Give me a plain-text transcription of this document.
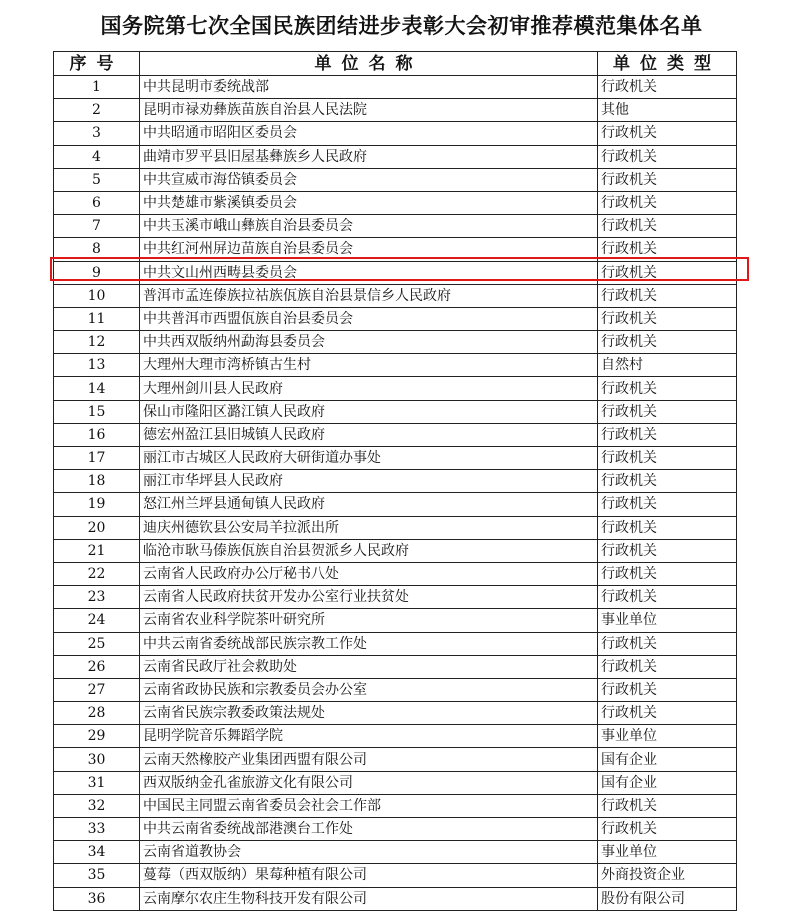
国务院第七次全国民族团结进步表彰大会初审推荐模范集体名单
序号	单位名称	单位类型
1	中共昆明市委统战部	行政机关
2	昆明市禄劝彝族苗族自治县人民法院	其他
3	中共昭通市昭阳区委员会	行政机关
4	曲靖市罗平县旧屋基彝族乡人民政府	行政机关
5	中共宣威市海岱镇委员会	行政机关
6	中共楚雄市紫溪镇委员会	行政机关
7	中共玉溪市峨山彝族自治县委员会	行政机关
8	中共红河州屏边苗族自治县委员会	行政机关
9	中共文山州西畴县委员会	行政机关
10	普洱市孟连傣族拉祜族佤族自治县景信乡人民政府	行政机关
11	中共普洱市西盟佤族自治县委员会	行政机关
12	中共西双版纳州勐海县委员会	行政机关
13	大理州大理市湾桥镇古生村	自然村
14	大理州剑川县人民政府	行政机关
15	保山市隆阳区潞江镇人民政府	行政机关
16	德宏州盈江县旧城镇人民政府	行政机关
17	丽江市古城区人民政府大研街道办事处	行政机关
18	丽江市华坪县人民政府	行政机关
19	怒江州兰坪县通甸镇人民政府	行政机关
20	迪庆州德钦县公安局羊拉派出所	行政机关
21	临沧市耿马傣族佤族自治县贺派乡人民政府	行政机关
22	云南省人民政府办公厅秘书八处	行政机关
23	云南省人民政府扶贫开发办公室行业扶贫处	行政机关
24	云南省农业科学院茶叶研究所	事业单位
25	中共云南省委统战部民族宗教工作处	行政机关
26	云南省民政厅社会救助处	行政机关
27	云南省政协民族和宗教委员会办公室	行政机关
28	云南省民族宗教委政策法规处	行政机关
29	昆明学院音乐舞蹈学院	事业单位
30	云南天然橡胶产业集团西盟有限公司	国有企业
31	西双版纳金孔雀旅游文化有限公司	国有企业
32	中国民主同盟云南省委员会社会工作部	行政机关
33	中共云南省委统战部港澳台工作处	行政机关
34	云南省道教协会	事业单位
35	蔓莓（西双版纳）果莓种植有限公司	外商投资企业
36	云南摩尔农庄生物科技开发有限公司	股份有限公司
